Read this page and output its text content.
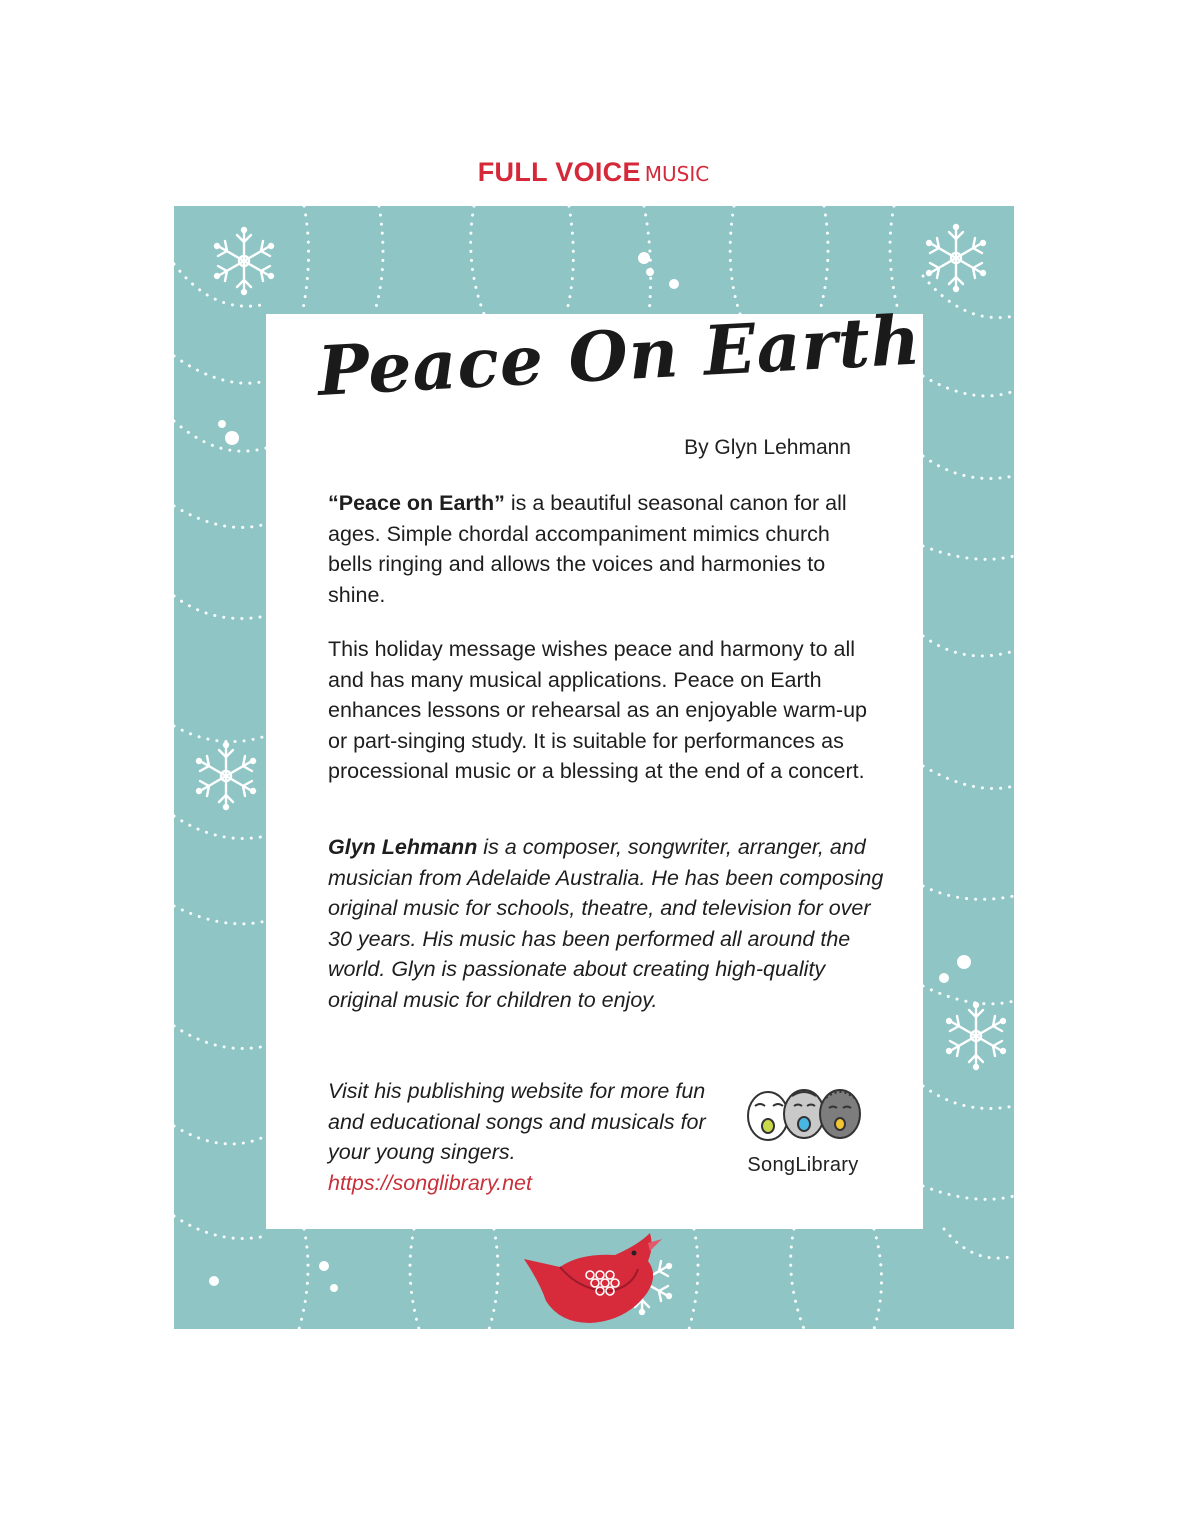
FULL VOICE MUSIC
Peace On Earth
By Glyn Lehmann

“Peace on Earth” is a beautiful seasonal canon for all ages. Simple chordal accompaniment mimics church bells ringing and allows the voices and harmonies to shine.

This holiday message wishes peace and harmony to all and has many musical applications. Peace on Earth enhances lessons or rehearsal as an enjoyable warm-up or part-singing study. It is suitable for performances as processional music or a blessing at the end of a concert.

Glyn Lehmann is a composer, songwriter, arranger, and musician from Adelaide Australia. He has been composing original music for schools, theatre, and television for over 30 years. His music has been performed all around the world. Glyn is passionate about creating high-quality original music for children to enjoy.

Visit his publishing website for more fun and educational songs and musicals for your young singers.
https://songlibrary.net

SongLibrary
